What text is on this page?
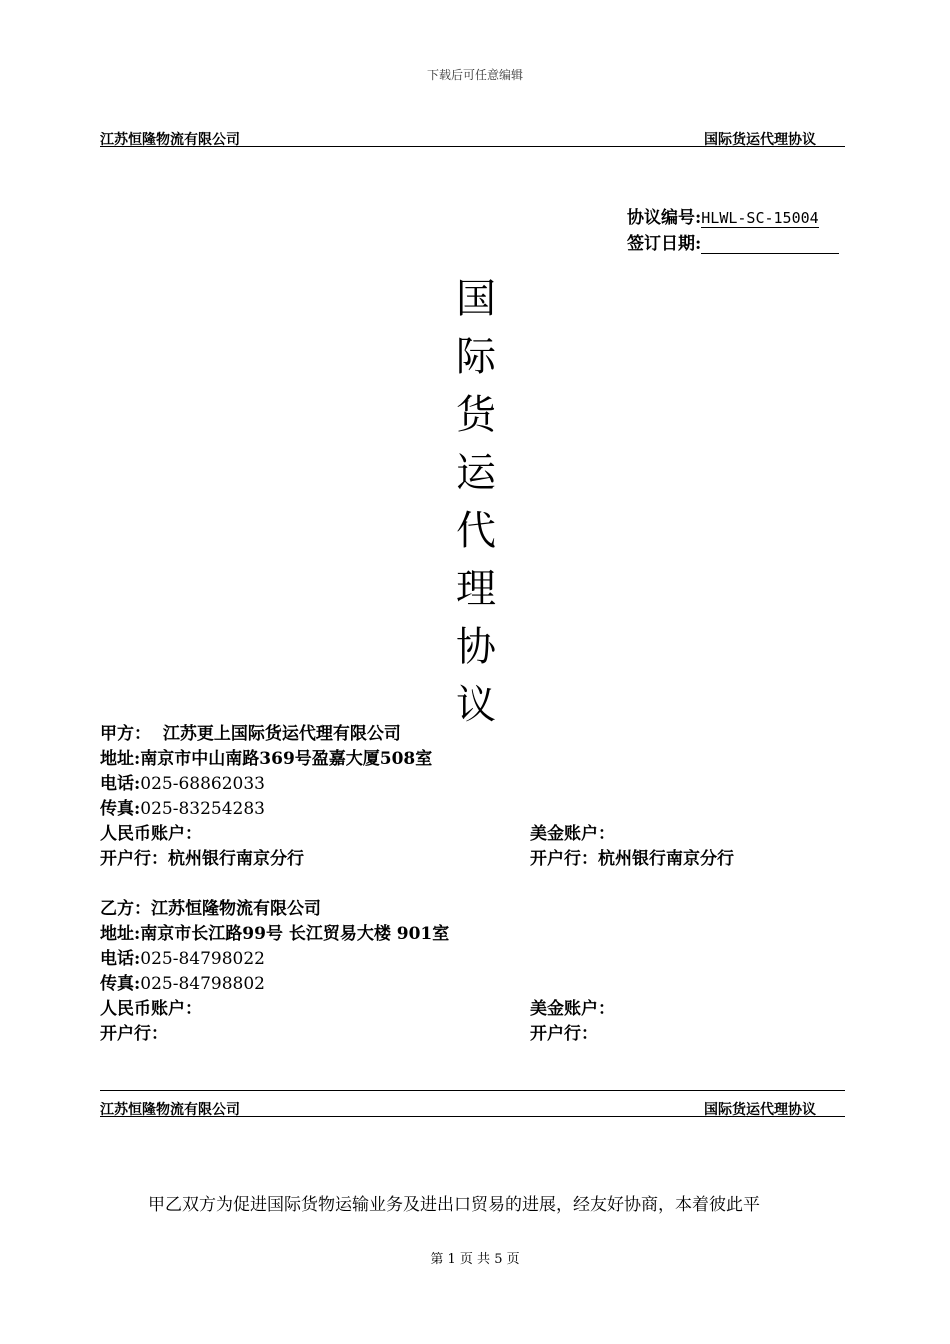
下载后可任意编辑
江苏恒隆物流有限公司	国际货运代理协议
协议编号:HLWL-SC-15004
签订日期:
国
际
货
运
代
理
协
议
甲方： 江苏更上国际货运代理有限公司
地址:南京市中山南路369号盈嘉大厦508室
电话:025-68862033
传真:025-83254283
人民币账户：	美金账户：
开户行：杭州银行南京分行	开户行：杭州银行南京分行
乙方：江苏恒隆物流有限公司
地址:南京市长江路99号 长江贸易大楼 901室
电话:025-84798022
传真:025-84798802
人民币账户：	美金账户：
开户行：	开户行：
江苏恒隆物流有限公司	国际货运代理协议
甲乙双方为促进国际货物运输业务及进出口贸易的进展，经友好协商，本着彼此平
第 1 页 共 5 页
